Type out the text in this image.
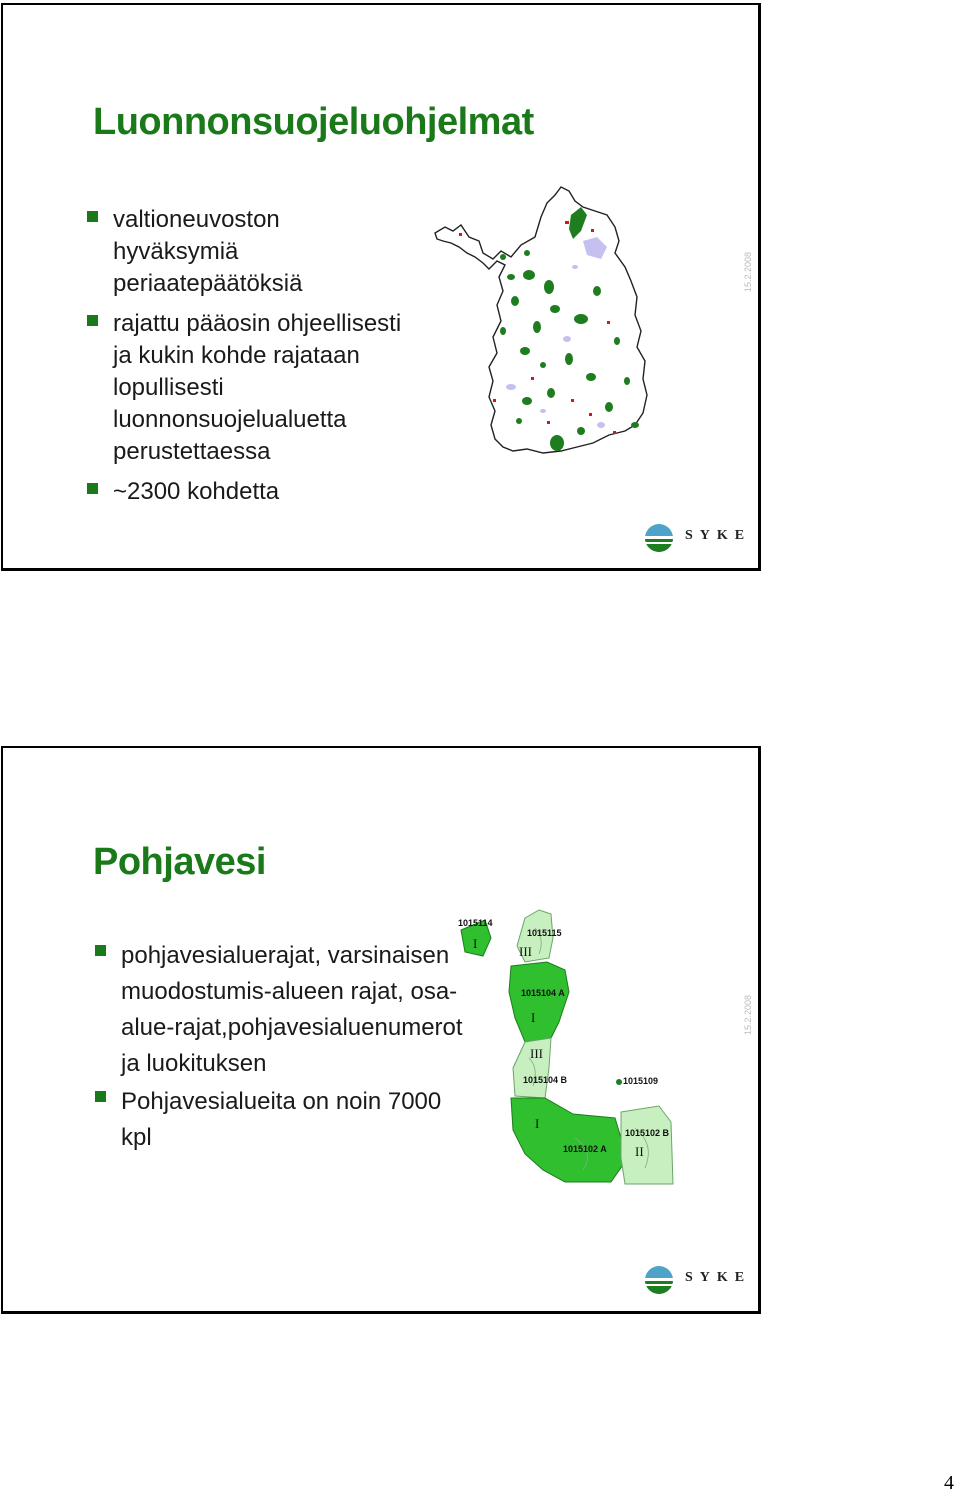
Luonnonsuojeluohjelmat
valtioneuvoston hyväksymiä periaatepäätöksiä
rajattu pääosin ohjeellisesti ja kukin kohde rajataan lopullisesti luonnonsuojelualuetta perustettaessa
~2300 kohdetta
15.2.2008
SYKE
Pohjavesi
pohjavesialuerajat, varsinaisen muodostumis-alueen rajat, osa-alue-rajat,pohjavesialuenumerot ja luokituksen
Pohjavesialueita on noin 7000 kpl
1015114
1015115
1015104 A
1015104 B	1015109
1015102 A
1015102 B
I
III
I
III
I
II
15.2.2008
SYKE
4
